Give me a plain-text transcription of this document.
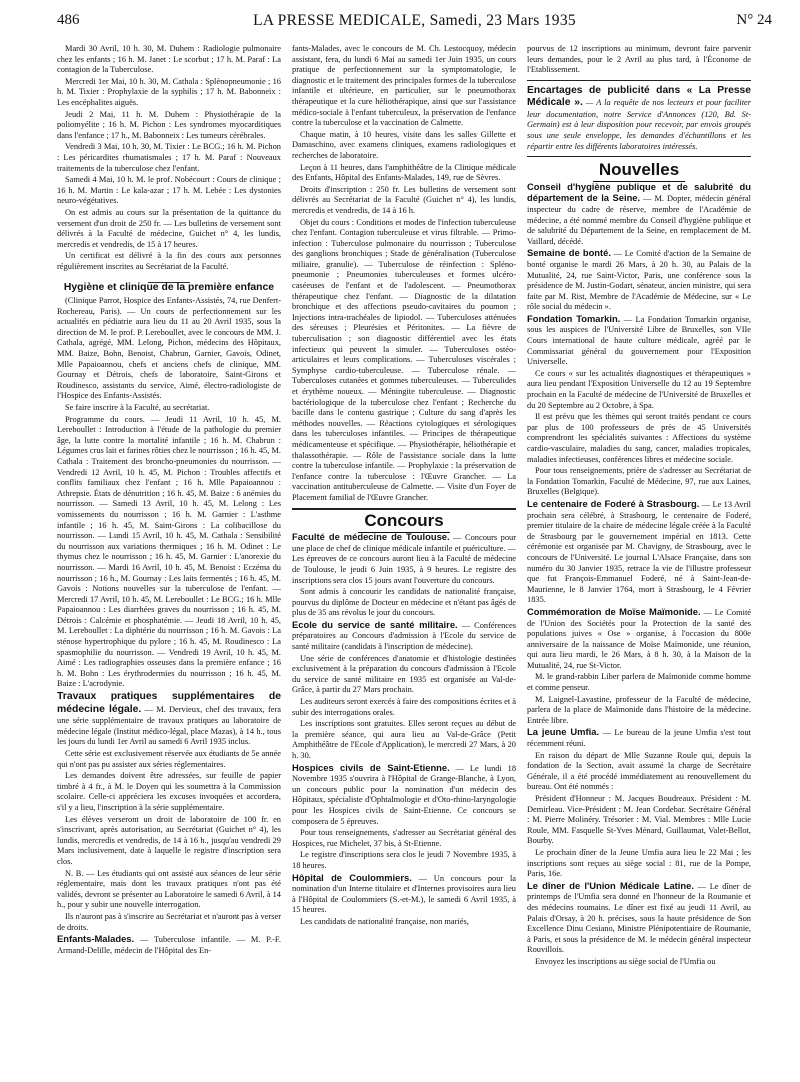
486	LA PRESSE MEDICALE, Samedi, 23 Mars 1935	N° 24

Mardi 30 Avril, 10 h. 30, M. Duhem : Radiologie pulmonaire chez les enfants ; 16 h. M. Janet : Le scorbut ; 17 h. M. Paraf : La contagion de la Tuberculose.

Mercredi 1er Mai, 10 h. 30, M. Cathala : Splénopneumonie ; 16 h. M. Tixier : Prophylaxie de la syphilis ; 17 h. M. Babonneix : Les encéphalites aiguës.

Jeudi 2 Mai, 11 h. M. Duhem : Physiothérapie de la poliomyélite ; 16 h. M. Pichon : Les syndromes myocarditiques dans l'enfance ; 17 h., M. Babonneix : Les tumeurs cérébrales.

Vendredi 3 Mai, 10 h. 30, M. Tixier : Le BCG.; 16 h. M. Pichon : Les péricardites rhumatismales ; 17 h. M. Paraf : Nouveaux traitements de la tuberculose chez l'enfant.

Samedi 4 Mai, 10 h. M. le prof. Nobécourt : Cours de clinique ; 16 h. M. Martin : Le kala-azar ; 17 h. M. Lebée : Les dystonies neuro-végétatives.

On est admis au cours sur la présentation de la quittance du versement d'un droit de 250 fr. — Les bulletins de versement sont délivrés à la Faculté de médecine, Guichet n° 4, les lundis, mercredis et vendredis, de 15 à 17 heures.

Un certificat est délivré à la fin des cours aux personnes régulièrement inscrites au Secrétariat de la Faculté.

Hygiène et clinique de la première enfance

(Clinique Parrot, Hospice des Enfants-Assistés, 74, rue Denfert-Rochereau, Paris). — Un cours de perfectionnement sur les actualités en pédiatrie aura lieu du 11 au 20 Avril 1935, sous la direction de M. le prof. P. Lereboullet, avec le concours de MM. J. Cathala, agrégé, MM. Lelong, Pichon, médecins des Hôpitaux, MM. Baize, Bohn, Benoist, Chabrun, Garnier, Gavois, Odinet, Mlle Papaioannou, chefs et anciens chefs de clinique, MM. Gournay et Détrois, chefs de laboratoire, Saint-Girons et Roudinesco, assistants du service, Aimé, électro-radiologiste de l'Hospice des Enfants-Assistés.

Se faire inscrire à la Faculté, au secrétariat.

Programme du cours. — Jeudi 11 Avril, 10 h. 45, M. Lereboullet : Introduction à l'étude de la pathologie du premier âge, la lutte contre la mortalité infantile ; 16 h. M. Chabrun : Légumes crus lait et farines rôties chez le nourrisson ; 16 h. 45, M. Cathala : Traitement des broncho-pneumonies du nourrisson. — Vendredi 12 Avril, 10 h. 45, M. Pichon : Troubles affectifs et conflits familiaux chez l'enfant ; 16 h. Mlle Papaioannou : Athrepsie. États de dénutrition ; 16 h. 45, M. Baize : 6 anémies du nourrisson. — Samedi 13 Avril, 10 h. 45, M. Lelong : Les vomissements du nourrisson ; 16 h. M. Garnier : L'asthme infantile ; 16 h. 45, M. Saint-Girons : La colibacillose du nourrisson. — Lundi 15 Avril, 10 h. 45, M. Cathala : Sensibilité du nourrisson aux variations thermiques ; 16 h. M. Odinet : Le thymus chez le nourrisson ; 16 h. 45, M. Garnier : L'anorexie du nourrisson. — Mardi 16 Avril, 10 h. 45, M. Benoist : Eczéma du nourrisson ; 16 h., M. Gournay : Les laits fermentés ; 16 h. 45, M. Gavois : Notions nouvelles sur la tuberculose de l'enfant. — Mercredi 17 Avril, 10 h. 45, M. Lereboullet : Le BCG.; 16 h. Mlle Papaioannou : Les diarrhées graves du nourrisson ; 16 h. 45, M. Détrois : Calcémie et phosphatémie. — Jeudi 18 Avril, 10 h. 45, M. Lereboullet : La diphtérie du nourrisson ; 16 h. M. Gavois : La sténose hypertrophique du pylore ; 16 h. 45, M. Roudinesco : La spasmophilie du nourrisson. — Vendredi 19 Avril, 10 h. 45, M. Aimé : Les radiographies osseuses dans la première enfance ; 16 h. M. Bohn : Les érythrodermies du nourrisson ; 16 h. 45, M. Baize : L'acrodynie.

Travaux pratiques supplémentaires de médecine légale. — M. Dervieux, chef des travaux, fera une série supplémentaire de travaux pratiques au laboratoire de médecine légale (Institut médico-légal, place Mazas), à 14 h., tous les jours du lundi 1er Avril au samedi 6 Avril 1935 inclus.

Cette série est exclusivement réservée aux étudiants de 5e année qui n'ont pas pu assister aux séries réglementaires.

Les demandes doivent être adressées, sur feuille de papier timbré à 4 fr., à M. le Doyen qui les soumettra à la Commission scolaire. Celle-ci appréciera les excuses invoquées et accordera, s'il y a lieu, l'inscription à la série supplémentaire.

Les élèves verseront un droit de laboratoire de 100 fr. en s'inscrivant, après autorisation, au Secrétariat (Guichet n° 4), les lundis, mercredis et vendredis, de 14 à 16 h., jusqu'au vendredi 29 Mars inclusivement, date à laquelle le registre d'inscription sera clos.

N. B. — Les étudiants qui ont assisté aux séances de leur série réglementaire, mais dont les travaux pratiques n'ont pas été validés, devront se présenter au Laboratoire le samedi 6 Avril, à 14 h., pour y subir une nouvelle interrogation.

Ils n'auront pas à s'inscrire au Secrétariat et n'auront pas à verser de droits.

Enfants-Malades. — Tuberculose infantile. — M. P.-F. Armand-Delille, médecin de l'Hôpital des En-

fants-Malades, avec le concours de M. Ch. Lestocquoy, médecin assistant, fera, du lundi 6 Mai au samedi 1er Juin 1935, un cours pratique de perfectionnement sur la symptomatologie, le diagnostic et le traitement des principales formes de la tuberculose infantile et ultérieure, en particulier, sur le pneumothorax thérapeutique et la cure héliothérapique, ainsi que sur l'assistance médico-sociale à l'enfant tuberculeux, la préservation de l'enfance contre la tuberculose et la vaccination de Calmette.

Chaque matin, à 10 heures, visite dans les salles Gillette et Damaschino, avec examens cliniques, examens radiologiques et recherches de laboratoire.

Leçon à 11 heures, dans l'amphithéâtre de la Clinique médicale des Enfants, Hôpital des Enfants-Malades, 149, rue de Sèvres.

Droits d'inscription : 250 fr. Les bulletins de versement sont délivrés au Secrétariat de la Faculté (Guichet n° 4), les lundis, mercredis et vendredis, de 14 à 16 h.

Objet du cours : Conditions et modes de l'infection tuberculeuse chez l'enfant. Contagion tuberculeuse et virus filtrable. — Primo-infection : Tuberculose pulmonaire du nourrisson ; Tuberculose des ganglions bronchiques ; Stade de généralisation (Tuberculose miliaire, granulie). — Tuberculose de réinfection : Spléno-pneumonie ; Pneumonies tuberculeuses et formes ulcéro-caséeuses de l'enfant et de l'adolescent. — Pneumothorax thérapeutique chez l'enfant. — Diagnostic de la dilatation bronchique et des affections pseudo-cavitaires du poumon ; Injections intra-trachéales de lipiodol. — Tuberculoses atténuées des séreuses ; Pleurésies et Péritonites. — La fièvre de tuberculisation ; son diagnostic différentiel avec les états infectieux qui peuvent la simuler. — Tuberculoses ostéo-articulaires et leurs complications. — Tuberculoses viscérales ; Symphyse cardio-tuberculeuse. — Tuberculose rénale. — Tuberculoses cutanées et gommes tuberculeuses. — Tuberculides et érythème noueux. — Méningite tuberculeuse. — Diagnostic bactériologique de la tuberculose chez l'enfant ; Recherche du bacille dans le contenu gastrique ; Culture du sang d'après les méthodes nouvelles. — Réactions cytologiques et sérologiques dans les tuberculoses infantiles. — Principes de thérapeutique médicamenteuse et spécifique. — Physiothérapie, héliothérapie et thalassothérapie. — Rôle de l'assistance sociale dans la lutte contre la tuberculose infantile. — Prophylaxie : la préservation de l'enfance contre la tuberculose : l'Œuvre Grancher. — La vaccination antituberculeuse de Calmette. — Visite d'un Foyer de Placement familial de l'Œuvre Grancher.

Concours

Faculté de médecine de Toulouse. — Concours pour une place de chef de clinique médicale infantile et puériculture. — Les épreuves de ce concours auront lieu à la Faculté de médecine de Toulouse, le jeudi 6 Juin 1935, à 9 heures. Le registre des inscriptions sera clos 15 jours avant l'ouverture du concours.

Sont admis à concourir les candidats de nationalité française, pourvus du diplôme de Docteur en médecine et n'étant pas âgés de plus de 35 ans révolus le jour du concours.

Ecole du service de santé militaire. — Conférences préparatoires au Concours d'admission à l'Ecole du service de santé militaire (candidats à l'inscription de médecine).

Une série de conférences d'anatomie et d'histologie destinées exclusivement à la préparation du concours d'admission à l'Ecole du service de santé militaire en 1935 est organisée au Val-de-Grâce, à partir du 27 Mars prochain.

Les auditeurs seront exercés à faire des compositions écrites et à subir des interrogations orales.

Les inscriptions sont gratuites. Elles seront reçues au début de la première séance, qui aura lieu au Val-de-Grâce (Petit Amphithéâtre de l'Ecole d'Application), le mercredi 27 Mars, à 20 h. 30.

Hospices civils de Saint-Etienne. — Le lundi 18 Novembre 1935 s'ouvrira à l'Hôpital de Grange-Blanche, à Lyon, un concours public pour la nomination d'un médecin des Hôpitaux, spécialiste d'Ophtalmologie et d'Oto-rhino-laryngologie pour les Hospices civils de Saint-Etienne. Ce concours se composera de 5 épreuves.

Pour tous renseignements, s'adresser au Secrétariat général des Hospices, rue Michelet, 37 bis, à St-Etienne.

Le registre d'inscriptions sera clos le jeudi 7 Novembre 1935, à 18 heures.

Hôpital de Coulommiers. — Un concours pour la nomination d'un Interne titulaire et d'Internes provisoires aura lieu à l'Hôpital de Coulommiers (S.-et-M.), le samedi 6 Avril 1935, à 15 heures.

Les candidats de nationalité française, non mariés,

pourvus de 12 inscriptions au minimum, devront faire parvenir leurs demandes, pour le 2 Avril au plus tard, à l'Économe de l'Etablissement.

Encartages de publicité dans « La Presse Médicale ». — A la requête de nos lecteurs et pour faciliter leur documentation, notre Service d'Annonces (120, Bd. St-Germain) est à leur disposition pour recevoir, par envois groupés sous une seule enveloppe, les demandes d'échantillons et les répartir entre les différents laboratoires intéressés.
Nouvelles

Conseil d'hygiène publique et de salubrité du département de la Seine. — M. Dopter, médecin général inspecteur du cadre de réserve, membre de l'Académie de médecine, a été nommé membre du Conseil d'hygiène publique et de salubrité du Département de la Seine, en remplacement de M. Vaillard, décédé.

Semaine de bonté. — Le Comité d'action de la Semaine de bonté organise le mardi 26 Mars, à 20 h. 30, au Palais de la Mutualité, 24, rue Saint-Victor, Paris, une conférence sous la présidence de M. Justin-Godart, sénateur, ancien ministre, qui sera faite par M. Rist, Membre de l'Académie de Médecine, sur « Le rôle social du médecin ».

Fondation Tomarkin. — La Fondation Tomarkin organise, sous les auspices de l'Université Libre de Bruxelles, son VIIe Cours international de haute culture médicale, agréé par le Commissariat général du gouvernement pour l'Exposition Universelle.

Ce cours « sur les actualités diagnostiques et thérapeutiques » aura lieu pendant l'Exposition Universelle du 12 au 19 Septembre prochain en la Faculté de médecine de l'Université de Bruxelles et du 20 Septembre au 2 Octobre, à Spa.

Il est prévu que les thèmes qui seront traités pendant ce cours par plus de 100 professeurs de près de 45 Universités comprendront les spécialités suivantes : Affections du système cardio-vasculaire, maladies du sang, cancer, maladies tropicales, maladies infectieuses, conférences libres et médecine sociale.

Pour tous renseignements, prière de s'adresser au Secrétariat de la Fondation Tomarkin, Faculté de Médecine, 97, rue aux Laines, Bruxelles (Belgique).

Le centenaire de Foderé à Strasbourg. — Le 13 Avril prochain sera célébré, à Strasbourg, le centenaire de Foderé, premier titulaire de la chaire de médecine légale créée à la Faculté de Strasbourg par le gouvernement impérial en 1813. Cette cérémonie est organisée par M. Chavigny, de Strasbourg, avec le concours de l'Université. Le journal L'Alsace Française, dans son numéro du 30 Janvier 1935, retrace la vie de l'illustre professeur que fut François-Emmanuel Foderé, né à Saint-Jean-de-Maurienne, le 8 Janvier 1764, mort à Strasbourg, le 4 Février 1835.

Commémoration de Moïse Maïmonide. — Le Comité de l'Union des Sociétés pour la Protection de la santé des populations juives « Ose » organise, à l'occasion du 800e anniversaire de la naissance de Moïse Maïmonide, une réunion, qui aura lieu mardi, le 26 Mars, à 8 h. 30, à la Maison de la Mutualité, 24, rue St-Victor.

M. le grand-rabbin Liber parlera de Maïmonide comme homme et comme penseur.

M. Laignel-Lavastine, professeur de la Faculté de médecine, parlera de la place de Maïmonide dans l'histoire de la médecine. Entrée libre.

La jeune Umfia. — Le bureau de la jeune Umfia s'est tout récemment réuni.

En raison du départ de Mlle Suzanne Roule qui, depuis la fondation de la Section, avait assumé la charge de Secrétaire Générale, il a été procédé immédiatement au renouvellement du bureau. Ont été nommés :

Président d'Honneur : M. Jacques Boudreaux. Président : M. Demirleau. Vice-Président : M. Jean Cordebar. Secrétaire Général : M. Pierre Molinéry. Trésorier : M. Vial. Membres : Mlle Lucie Roule, MM. Fasquelle St-Yves Ménard, Guillaumat, Valet-Bellot, Bourby.

Le prochain dîner de la Jeune Umfia aura lieu le 22 Mai ; les inscriptions sont reçues au siège social : 81, rue de la Pompe, Paris, 16e.

Le dîner de l'Union Médicale Latine. — Le dîner de printemps de l'Umfia sera donné en l'honneur de la Roumanie et des médecins roumains. Le dîner est fixé au jeudi 11 Avril, au Palais d'Orsay, à 20 h. précises, sous la haute présidence de Son Excellence Dinu Cesiano, Ministre Plénipotentiaire de Roumanie, à Paris, et sous la présidence de M. le médecin général inspecteur Rouvillois.

Envoyez les inscriptions au siège social de l'Umfia ou
